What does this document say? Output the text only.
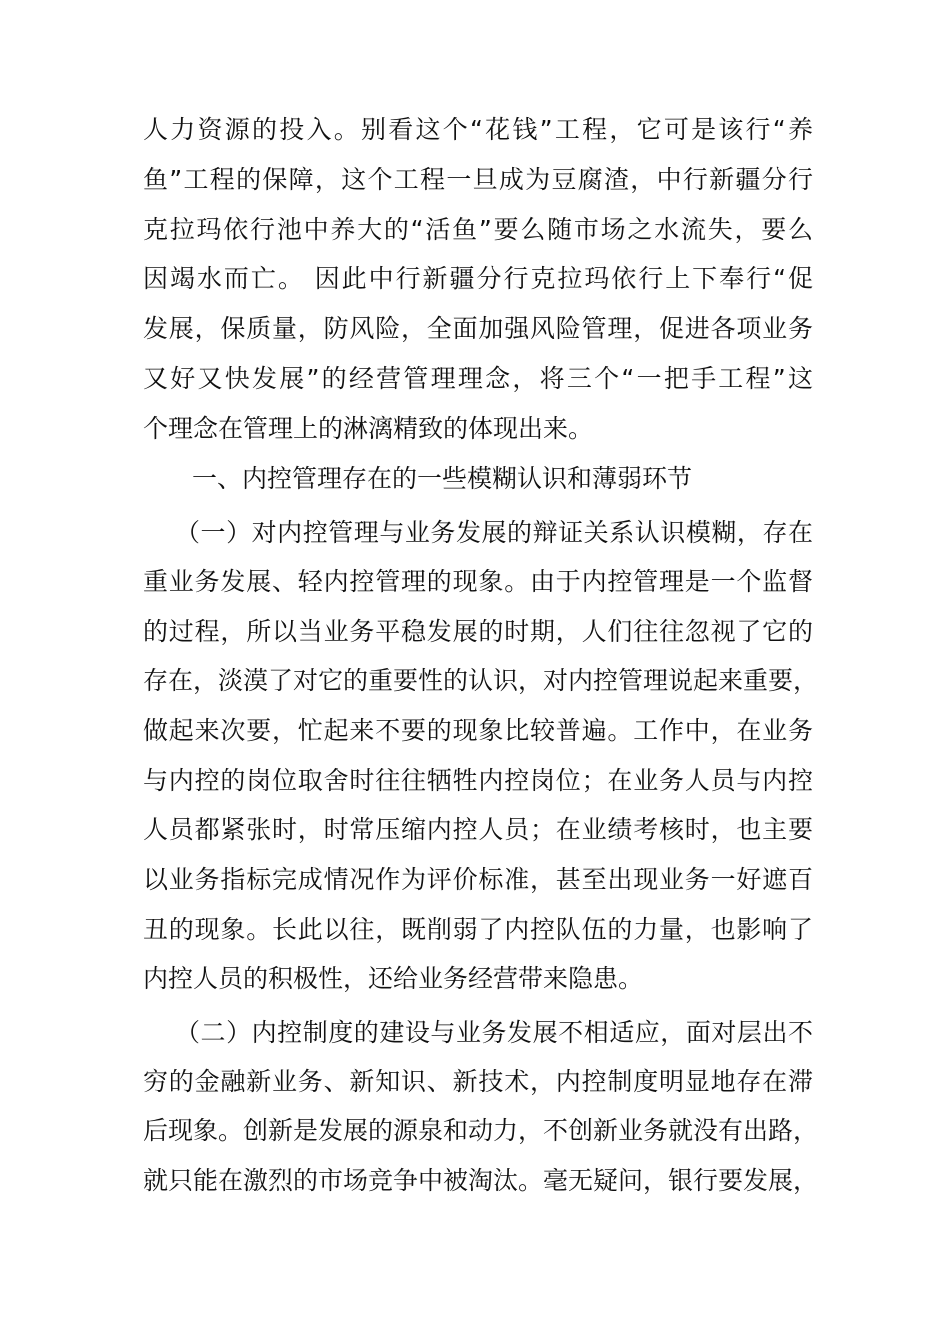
人力资源的投入。别看这个“花钱”工程，它可是该行“养
鱼”工程的保障，这个工程一旦成为豆腐渣，中行新疆分行
克拉玛依行池中养大的“活鱼”要么随市场之水流失，要么
因竭水而亡。 因此中行新疆分行克拉玛依行上下奉行“促
发展，保质量，防风险，全面加强风险管理，促进各项业务
又好又快发展”的经营管理理念，将三个“一把手工程”这
个理念在管理上的淋漓精致的体现出来。
一、内控管理存在的一些模糊认识和薄弱环节
（一）对内控管理与业务发展的辩证关系认识模糊，存在
重业务发展、轻内控管理的现象。由于内控管理是一个监督
的过程，所以当业务平稳发展的时期，人们往往忽视了它的
存在，淡漠了对它的重要性的认识，对内控管理说起来重要，
做起来次要，忙起来不要的现象比较普遍。工作中，在业务
与内控的岗位取舍时往往牺牲内控岗位；在业务人员与内控
人员都紧张时，时常压缩内控人员；在业绩考核时，也主要
以业务指标完成情况作为评价标准，甚至出现业务一好遮百
丑的现象。长此以往，既削弱了内控队伍的力量，也影响了
内控人员的积极性，还给业务经营带来隐患。
（二）内控制度的建设与业务发展不相适应，面对层出不
穷的金融新业务、新知识、新技术，内控制度明显地存在滞
后现象。创新是发展的源泉和动力，不创新业务就没有出路，
就只能在激烈的市场竞争中被淘汰。毫无疑问，银行要发展，
